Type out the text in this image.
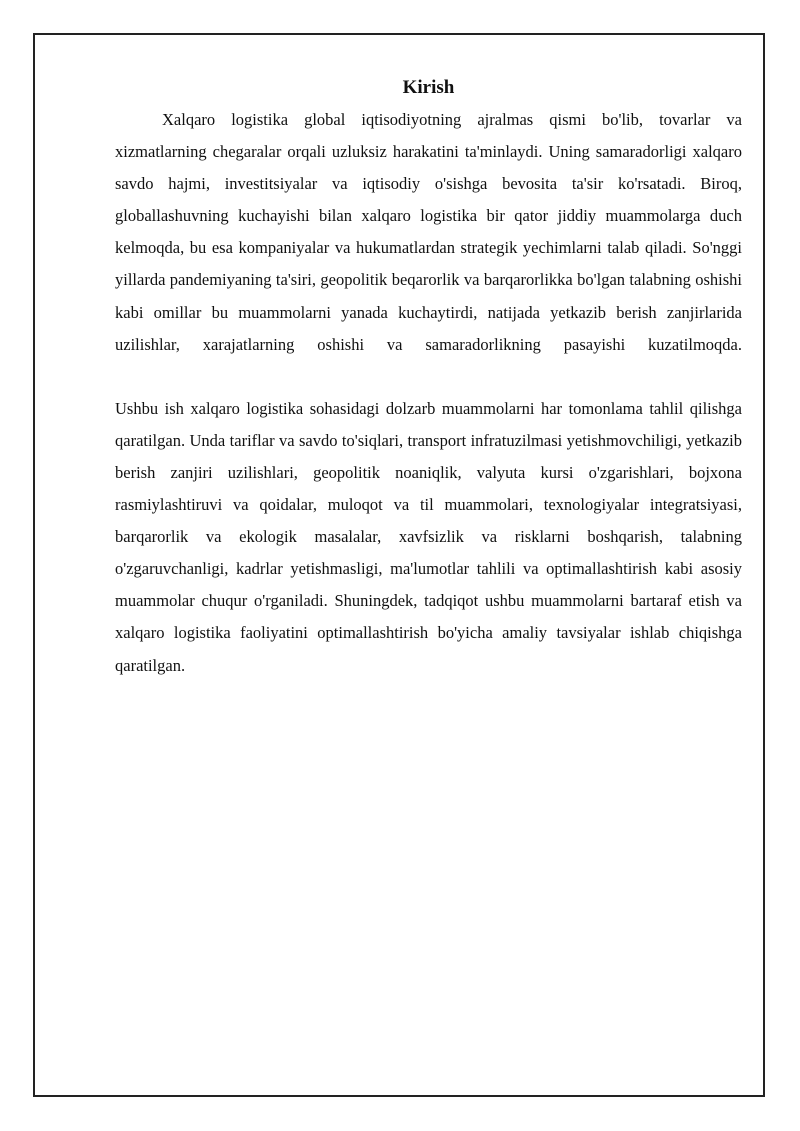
Kirish

Xalqaro logistika global iqtisodiyotning ajralmas qismi bo'lib, tovarlar va xizmatlarning chegaralar orqali uzluksiz harakatini ta'minlaydi. Uning samaradorligi xalqaro savdo hajmi, investitsiyalar va iqtisodiy o'sishga bevosita ta'sir ko'rsatadi. Biroq, globallashuvning kuchayishi bilan xalqaro logistika bir qator jiddiy muammolarga duch kelmoqda, bu esa kompaniyalar va hukumatlardan strategik yechimlarni talab qiladi. So'nggi yillarda pandemiyaning ta'siri, geopolitik beqarorlik va barqarorlikka bo'lgan talabning oshishi kabi omillar bu muammolarni yanada kuchaytirdi, natijada yetkazib berish zanjirlarida uzilishlar, xarajatlarning oshishi va samaradorlikning pasayishi kuzatilmoqda.

Ushbu ish xalqaro logistika sohasidagi dolzarb muammolarni har tomonlama tahlil qilishga qaratilgan. Unda tariflar va savdo to'siqlari, transport infratuzilmasi yetishmovchiligi, yetkazib berish zanjiri uzilishlari, geopolitik noaniqlik, valyuta kursi o'zgarishlari, bojxona rasmiylashtiruvi va qoidalar, muloqot va til muammolari, texnologiyalar integratsiyasi, barqarorlik va ekologik masalalar, xavfsizlik va risklarni boshqarish, talabning o'zgaruvchanligi, kadrlar yetishmasligi, ma'lumotlar tahlili va optimallashtirish kabi asosiy muammolar chuqur o'rganiladi. Shuningdek, tadqiqot ushbu muammolarni bartaraf etish va xalqaro logistika faoliyatini optimallashtirish bo'yicha amaliy tavsiyalar ishlab chiqishga qaratilgan.
